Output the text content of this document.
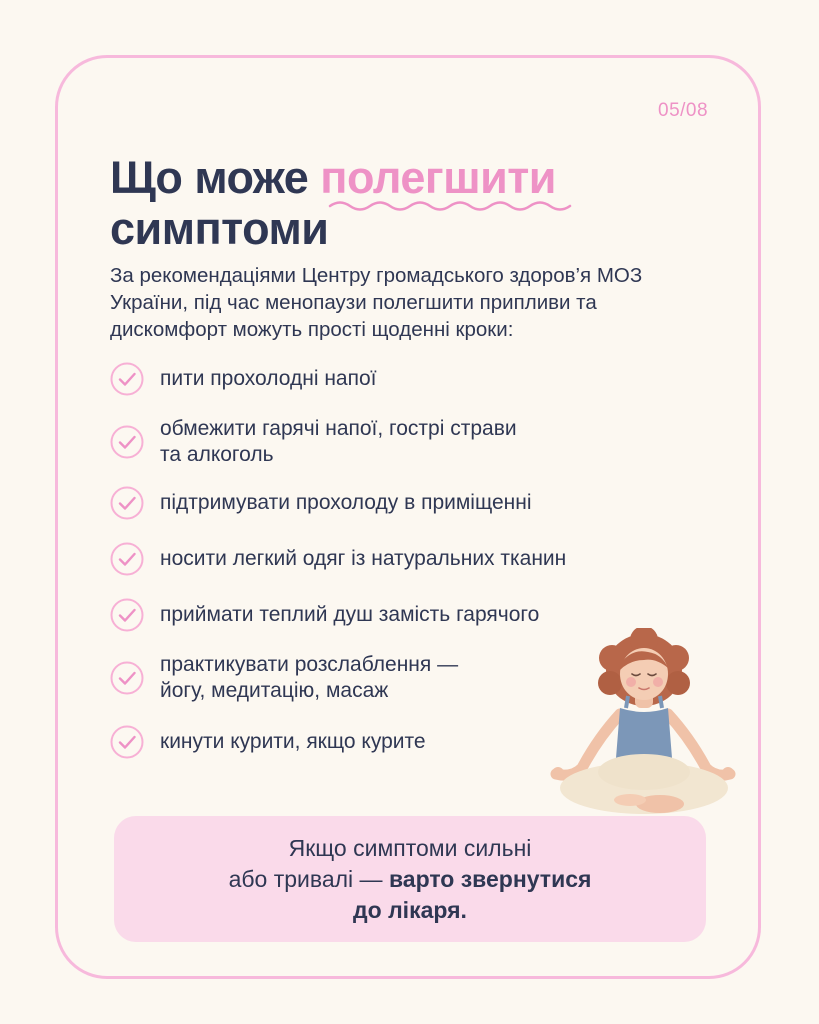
05/08
Що може полегшити
симптоми

За рекомендаціями Центру громадського здоров’я МОЗ України, під час менопаузи полегшити припливи та дискомфорт можуть прості щоденні кроки:

пити прохолодні напої
обмежити гарячі напої, гострі страви
та алкоголь
підтримувати прохолоду в приміщенні
носити легкий одяг із натуральних тканин
приймати теплий душ замість гарячого
практикувати розслаблення —
йогу, медитацію, масаж
кинути курити, якщо курите
Якщо симптоми сильні
або тривалі — варто звернутися
до лікаря.
